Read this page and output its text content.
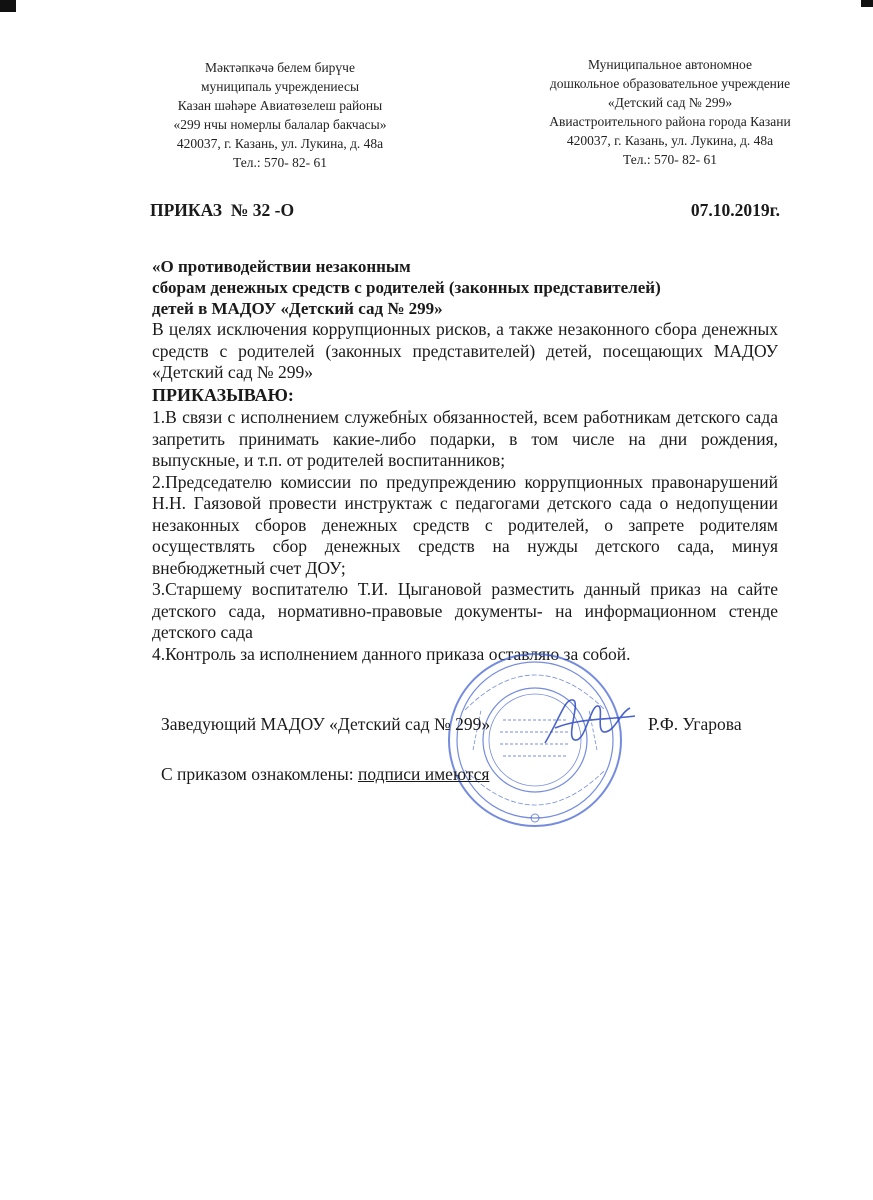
Мәктәпкәчә белем бирүче
муниципаль учреждениесы
Казан шәһәре Авиатөзелеш районы
«299 нчы номерлы балалар бакчасы»
420037, г. Казань, ул. Лукина, д. 48а
Тел.: 570- 82- 61
Муниципальное автономное
дошкольное образовательное учреждение
«Детский сад № 299»
Авиастроительного района города Казани
420037, г. Казань, ул. Лукина, д. 48а
Тел.: 570- 82- 61
ПРИКАЗ  № 32 -О	07.10.2019г.
«О противодействии незаконным
сборам денежных средств с родителей (законных представителей)
детей в МАДОУ «Детский сад № 299»

В целях исключения коррупционных рисков, а также незаконного сбора денежных средств с родителей (законных представителей) детей, посещающих МАДОУ «Детский сад № 299»

ПРИКАЗЫВАЮ:

1.В связи с исполнением служебных обязанностей, всем работникам детского сада запретить принимать какие-либо подарки, в том числе на дни рождения, выпускные, и т.п. от родителей воспитанников;

2.Председателю комиссии по предупреждению коррупционных правонарушений Н.Н. Гаязовой провести инструктаж с педагогами детского сада о недопущении незаконных сборов денежных средств с родителей, о запрете родителям осуществлять сбор денежных средств на нужды детского сада, минуя внебюджетный счет ДОУ;

3.Старшему воспитателю Т.И. Цыгановой разместить данный приказ на сайте детского сада, нормативно-правовые документы- на информационном стенде детского сада

4.Контроль за исполнением данного приказа оставляю за собой.

Заведующий МАДОУ «Детский сад № 299»	Р.Ф. Угарова
С приказом ознакомлены: подписи имеются
